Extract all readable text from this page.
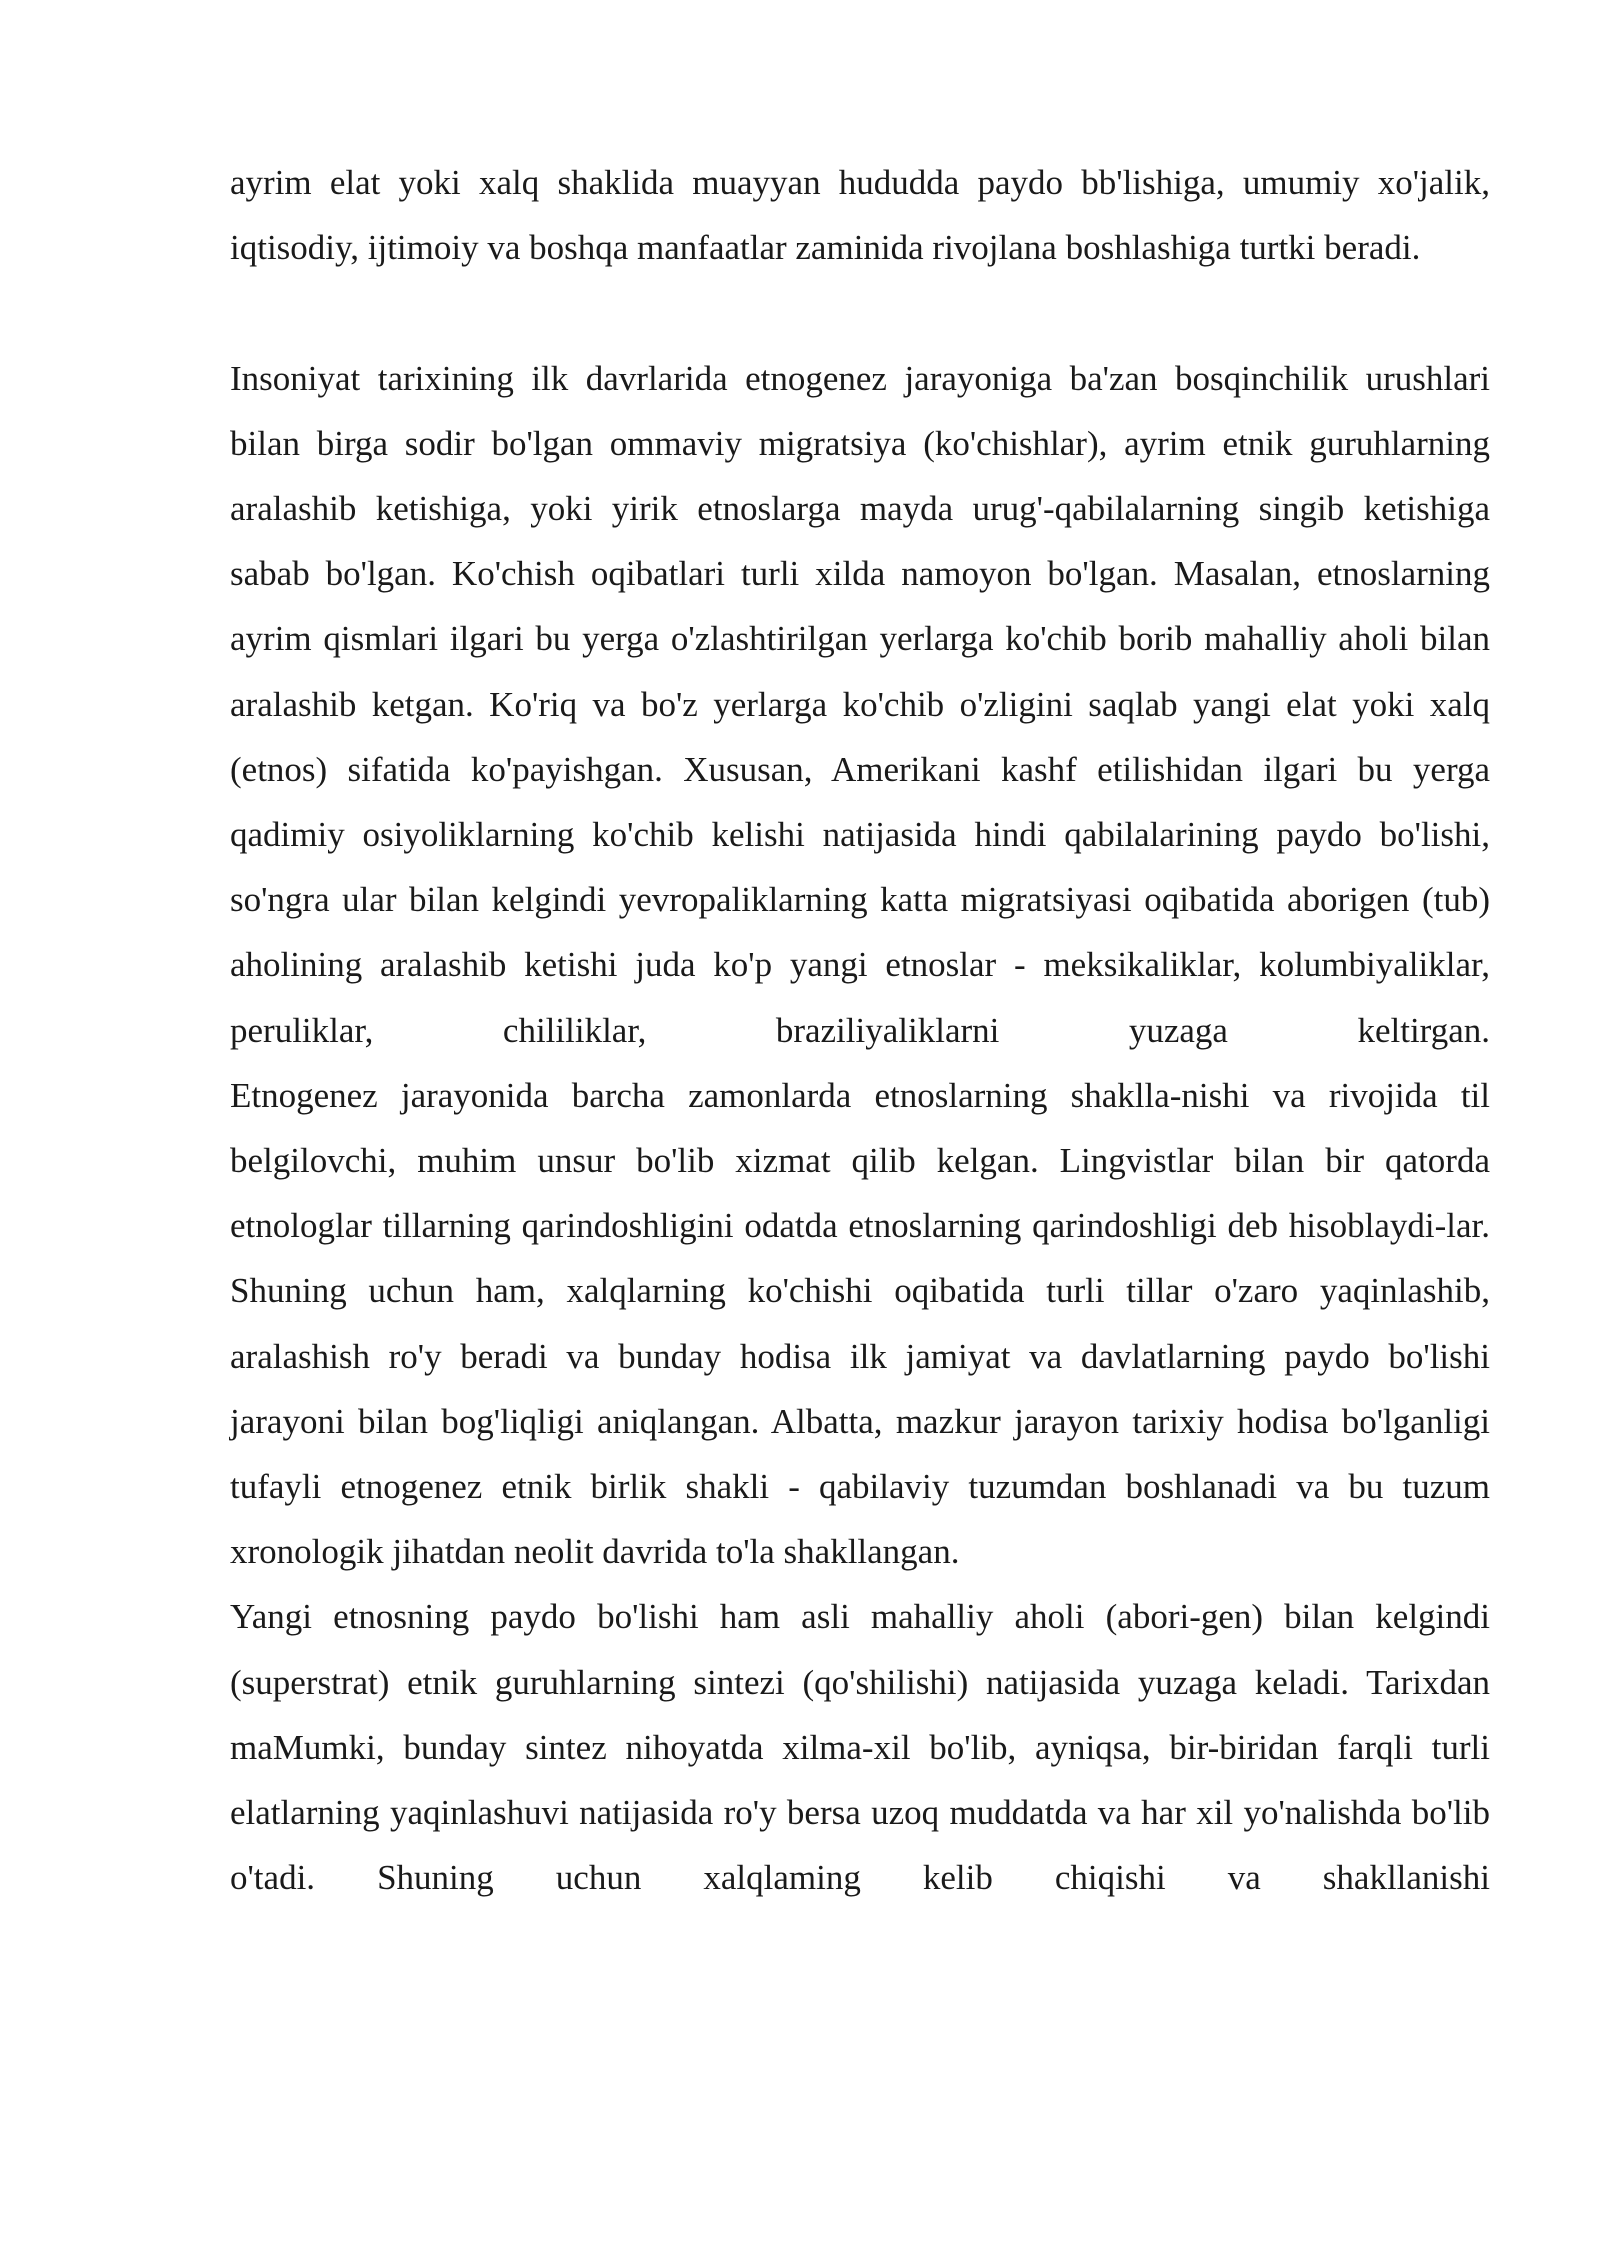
ayrim elat yoki xalq shaklida muayyan hududda paydo bb'lishiga, umumiy xo'jalik, iqtisodiy, ijtimoiy va boshqa manfaatlar zaminida rivojlana boshlashiga turtki beradi.

Insoniyat tarixining ilk davrlarida etnogenez jarayoniga ba'zan bosqinchilik urushlari bilan birga sodir bo'lgan ommaviy migratsiya (ko'chishlar), ayrim etnik guruhlarning aralashib ketishiga, yoki yirik etnoslarga mayda urug'-qabilalarning singib ketishiga sabab bo'lgan. Ko'chish oqibatlari turli xilda namoyon bo'lgan. Masalan, etnoslarning ayrim qismlari ilgari bu yerga o'zlashtirilgan yerlarga ko'chib borib mahalliy aholi bilan aralashib ketgan. Ko'riq va bo'z yerlarga ko'chib o'zligini saqlab yangi elat yoki xalq (etnos) sifatida ko'payishgan. Xususan, Amerikani kashf etilishidan ilgari bu yerga qadimiy osiyoliklarning ko'chib kelishi natijasida hindi qabilalarining paydo bo'lishi, so'ngra ular bilan kelgindi yevropaliklarning katta migratsiyasi oqibatida aborigen (tub) aholining aralashib ketishi juda ko'p yangi etnoslar - meksikaliklar, kolumbiyaliklar, peruliklar, chililiklar, braziliyaliklarni yuzaga keltirgan.

Etnogenez jarayonida barcha zamonlarda etnoslarning shaklla-nishi va rivojida til belgilovchi, muhim unsur bo'lib xizmat qilib kelgan. Lingvistlar bilan bir qatorda etnologlar tillarning qarindoshligini odatda etnoslarning qarindoshligi deb hisoblaydi-lar. Shuning uchun ham, xalqlarning ko'chishi oqibatida turli tillar o'zaro yaqinlashib, aralashish ro'y beradi va bunday hodisa ilk jamiyat va davlatlarning paydo bo'lishi jarayoni bilan bog'liqligi aniqlangan. Albatta, mazkur jarayon tarixiy hodisa bo'lganligi tufayli etnogenez etnik birlik shakli - qabilaviy tuzumdan boshlanadi va bu tuzum xronologik jihatdan neolit davrida to'la shakllangan.

Yangi etnosning paydo bo'lishi ham asli mahalliy aholi (abori-gen) bilan kelgindi (superstrat) etnik guruhlarning sintezi (qo'shilishi) natijasida yuzaga keladi. Tarixdan maMumki, bunday sintez nihoyatda xilma-xil bo'lib, ayniqsa, bir-biridan farqli turli elatlarning yaqinlashuvi natijasida ro'y bersa uzoq muddatda va har xil yo'nalishda bo'lib o'tadi. Shuning uchun xalqlaming kelib chiqishi va shakllanishi
